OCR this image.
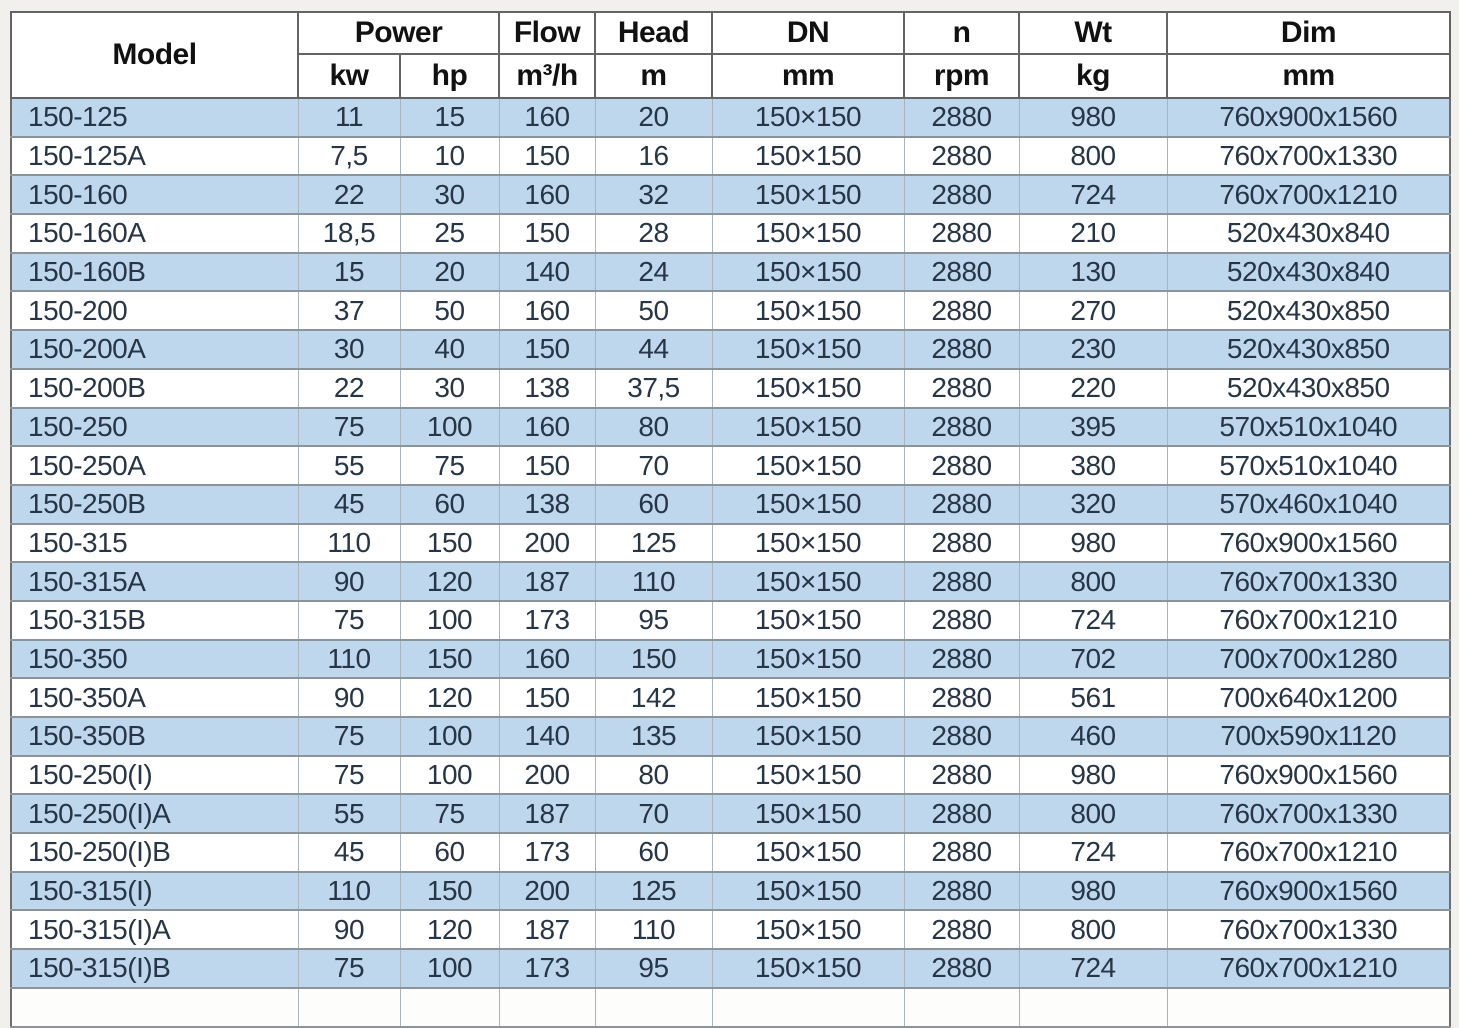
Model	Power		Flow	Head	DN	n	Wt	Dim
	kw	hp	m³/h	m	mm	rpm	kg	mm
150-125	11	15	160	20	150×150	2880	980	760x900x1560
150-125A	7,5	10	150	16	150×150	2880	800	760x700x1330
150-160	22	30	160	32	150×150	2880	724	760x700x1210
150-160A	18,5	25	150	28	150×150	2880	210	520x430x840
150-160B	15	20	140	24	150×150	2880	130	520x430x840
150-200	37	50	160	50	150×150	2880	270	520x430x850
150-200A	30	40	150	44	150×150	2880	230	520x430x850
150-200B	22	30	138	37,5	150×150	2880	220	520x430x850
150-250	75	100	160	80	150×150	2880	395	570x510x1040
150-250A	55	75	150	70	150×150	2880	380	570x510x1040
150-250B	45	60	138	60	150×150	2880	320	570x460x1040
150-315	110	150	200	125	150×150	2880	980	760x900x1560
150-315A	90	120	187	110	150×150	2880	800	760x700x1330
150-315B	75	100	173	95	150×150	2880	724	760x700x1210
150-350	110	150	160	150	150×150	2880	702	700x700x1280
150-350A	90	120	150	142	150×150	2880	561	700x640x1200
150-350B	75	100	140	135	150×150	2880	460	700x590x1120
150-250(I)	75	100	200	80	150×150	2880	980	760x900x1560
150-250(I)A	55	75	187	70	150×150	2880	800	760x700x1330
150-250(I)B	45	60	173	60	150×150	2880	724	760x700x1210
150-315(I)	110	150	200	125	150×150	2880	980	760x900x1560
150-315(I)A	90	120	187	110	150×150	2880	800	760x700x1330
150-315(I)B	75	100	173	95	150×150	2880	724	760x700x1210
